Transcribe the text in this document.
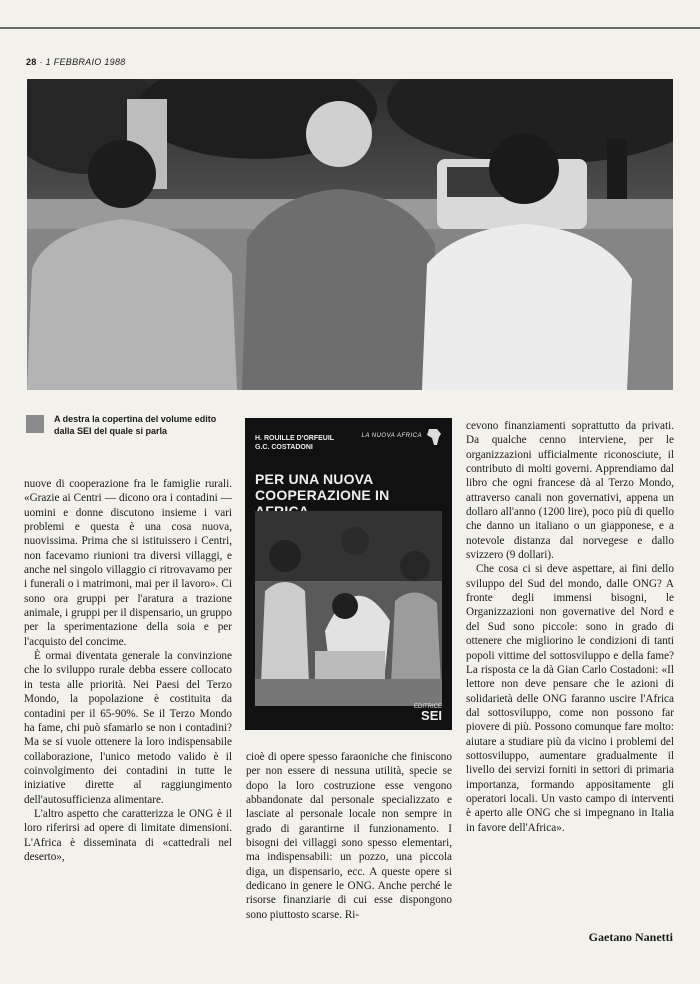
28 · 1 FEBBRAIO 1988
A destra la copertina del volume edito dalla SEI del quale si parla
H. ROUILLE D'ORFEUIL
G.C. COSTADONI
LA NUOVA AFRICA
PER UNA NUOVA
COOPERAZIONE IN
EDITRICE
SEI

nuove di cooperazione fra le famiglie rurali. «Grazie ai Centri — dicono ora i contadini — uomini e donne discutono insieme i vari problemi e questa è una cosa nuova, nuovissima. Prima che si istituissero i Centri, non facevamo riunioni tra diversi villaggi, e anche nel singolo villaggio ci ritrovavamo per i funerali o i matrimoni, mai per il lavoro». Ci sono ora gruppi per l'aratura a trazione animale, i gruppi per il dispensario, un gruppo per la sperimentazione della soia e per l'acquisto del concime.

È ormai diventata generale la convinzione che lo sviluppo rurale debba essere collocato in testa alle priorità. Nei Paesi del Terzo Mondo, la popolazione è costituita da contadini per il 65-90%. Se il Terzo Mondo ha fame, chi può sfamarlo se non i contadini? Ma se si vuole ottenere la loro indispensabile collaborazione, l'unico metodo valido è il coinvolgimento dei contadini in tutte le iniziative dirette al raggiungimento dell'autosufficienza alimentare.

L'altro aspetto che caratterizza le ONG è il loro riferirsi ad opere di limitate dimensioni. L'Africa è disseminata di «cattedrali nel deserto»,

cioè di opere spesso faraoniche che finiscono per non essere di nessuna utilità, specie se dopo la loro costruzione esse vengono abbandonate dal personale specializzato e lasciate al personale locale non sempre in grado di garantirne il funzionamento. I bisogni dei villaggi sono spesso elementari, ma indispensabili: un pozzo, una piccola diga, un dispensario, ecc. A queste opere si dedicano in genere le ONG. Anche perché le risorse finanziarie di cui esse dispongono sono piuttosto scarse. Ri-

cevono finanziamenti soprattutto da privati. Da qualche cenno interviene, per le organizzazioni ufficialmente riconosciute, il contributo di molti governi. Apprendiamo dal libro che ogni francese dà al Terzo Mondo, attraverso canali non governativi, appena un dollaro all'anno (1200 lire), poco più di quello che danno un italiano o un giapponese, e a notevole distanza dal norvegese e dallo svizzero (9 dollari).

Che cosa ci si deve aspettare, ai fini dello sviluppo del Sud del mondo, dalle ONG? A fronte degli immensi bisogni, le Organizzazioni non governative del Nord e del Sud sono piccole: sono in grado di ottenere che migliorino le condizioni di tanti popoli vittime del sottosviluppo e della fame? La risposta ce la dà Gian Carlo Costadoni: «Il lettore non deve pensare che le azioni di solidarietà delle ONG faranno uscire l'Africa dal sottosviluppo, come non possono far piovere di più. Possono comunque fare molto: aiutare a studiare più da vicino i problemi del sottosviluppo, aumentare gradualmente il livello dei servizi forniti in settori di primaria importanza, formando appositamente gli operatori locali. Un vasto campo di interventi è aperto alle ONG che si impegnano in Italia in favore dell'Africa».

Gaetano Nanetti
